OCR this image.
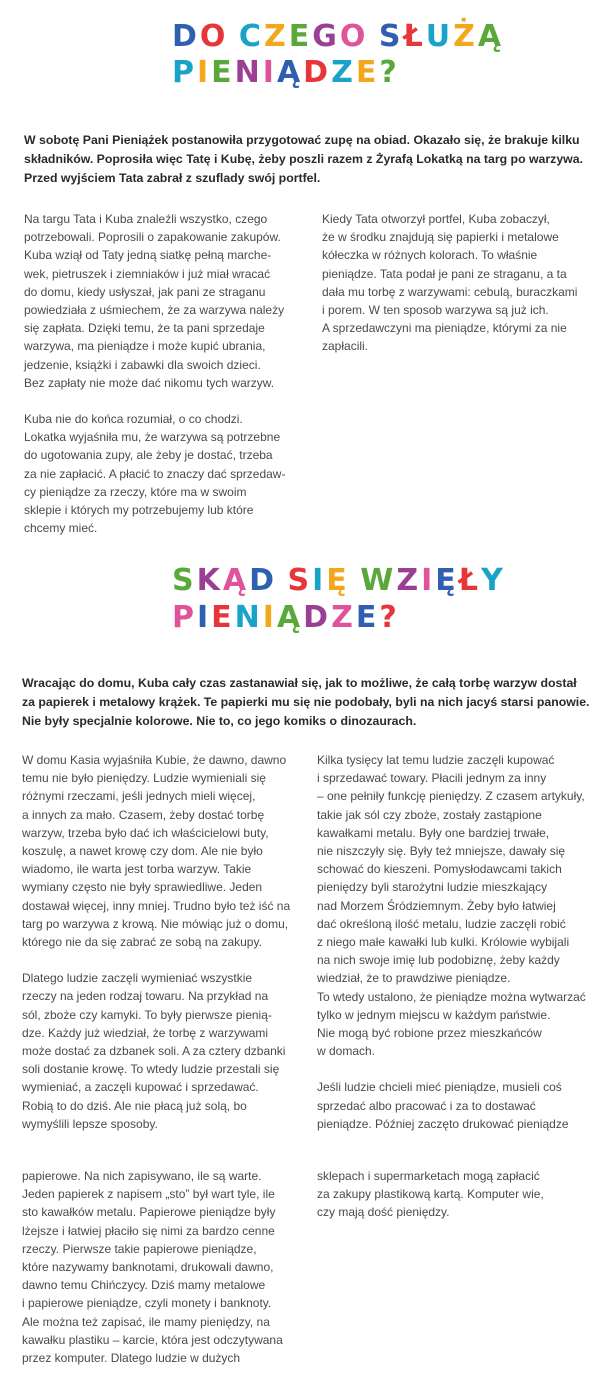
DO CZEGO SŁUŻĄ
PIENIĄDZE?

W sobotę Pani Pieniążek postanowiła przygotować zupę na obiad. Okazało się, że brakuje kilku składników. Poprosiła więc Tatę i Kubę, żeby poszli razem z Żyrafą Lokatką na targ po warzywa. Przed wyjściem Tata zabrał z szuflady swój portfel.

Na targu Tata i Kuba znaleźli wszystko, czego
potrzebowali. Poprosili o zapakowanie zakupów.
Kuba wziął od Taty jedną siatkę pełną marche-
wek, pietruszek i ziemniaków i już miał wracać
do domu, kiedy usłyszał, jak pani ze straganu
powiedziała z uśmiechem, że za warzywa należy
się zapłata. Dzięki temu, że ta pani sprzedaje
warzywa, ma pieniądze i może kupić ubrania,
jedzenie, książki i zabawki dla swoich dzieci.
Bez zapłaty nie może dać nikomu tych warzyw.

Kuba nie do końca rozumiał, o co chodzi.
Lokatka wyjaśniła mu, że warzywa są potrzebne
do ugotowania zupy, ale żeby je dostać, trzeba
za nie zapłacić. A płacić to znaczy dać sprzedaw-
cy pieniądze za rzeczy, które ma w swoim
sklepie i których my potrzebujemy lub które
chcemy mieć.

Kiedy Tata otworzył portfel, Kuba zobaczył,
że w środku znajdują się papierki i metalowe
kółeczka w różnych kolorach. To właśnie
pieniądze. Tata podał je pani ze straganu, a ta
dała mu torbę z warzywami: cebulą, buraczkami
i porem. W ten sposob warzywa są już ich.
A sprzedawczyni ma pieniądze, którymi za nie
zapłacili.

SKĄD SIĘ WZIĘŁY
PIENIĄDZE?

Wracając do domu, Kuba cały czas zastanawiał się, jak to możliwe, że całą torbę warzyw dostał za papierek i metalowy krążek. Te papierki mu się nie podobały, byli na nich jacyś starsi panowie. Nie były specjalnie kolorowe. Nie to, co jego komiks o dinozaurach.

W domu Kasia wyjaśniła Kubie, że dawno, dawno
temu nie było pieniędzy. Ludzie wymieniali się
różnymi rzeczami, jeśli jednych mieli więcej,
a innych za mało. Czasem, żeby dostać torbę
warzyw, trzeba było dać ich właścicielowi buty,
koszulę, a nawet krowę czy dom. Ale nie było
wiadomo, ile warta jest torba warzyw. Takie
wymiany często nie były sprawiedliwe. Jeden
dostawał więcej, inny mniej. Trudno było też iść na
targ po warzywa z krową. Nie mówiąc już o domu,
którego nie da się zabrać ze sobą na zakupy.

Dlatego ludzie zaczęli wymieniać wszystkie
rzeczy na jeden rodzaj towaru. Na przykład na
sól, zboże czy kamyki. To były pierwsze pienią-
dze. Każdy już wiedział, że torbę z warzywami
może dostać za dzbanek soli. A za cztery dzbanki
soli dostanie krowę. To wtedy ludzie przestali się
wymieniać, a zaczęli kupować i sprzedawać.
Robią to do dziś. Ale nie płacą już solą, bo
wymyślili lepsze sposoby.

Kilka tysięcy lat temu ludzie zaczęli kupować
i sprzedawać towary. Płacili jednym za inny
– one pełniły funkcję pieniędzy. Z czasem artykuły,
takie jak sól czy zboże, zostały zastąpione
kawałkami metalu. Były one bardziej trwałe,
nie niszczyły się. Były też mniejsze, dawały się
schować do kieszeni. Pomysłodawcami takich
pieniędzy byli starożytni ludzie mieszkający
nad Morzem Śródziemnym. Żeby było łatwiej
dać określoną ilość metalu, ludzie zaczęli robić
z niego małe kawałki lub kulki. Królowie wybijali
na nich swoje imię lub podobiznę, żeby każdy
wiedział, że to prawdziwe pieniądze.
To wtedy ustalono, że pieniądze można wytwarzać
tylko w jednym miejscu w każdym państwie.
Nie mogą być robione przez mieszkańców
w domach.

Jeśli ludzie chcieli mieć pieniądze, musieli coś
sprzedać albo pracować i za to dostawać
pieniądze. Później zaczęto drukować pieniądze

papierowe. Na nich zapisywano, ile są warte.
Jeden papierek z napisem „sto” był wart tyle, ile
sto kawałków metalu. Papierowe pieniądze były
lżejsze i łatwiej płaciło się nimi za bardzo cenne
rzeczy. Pierwsze takie papierowe pieniądze,
które nazywamy banknotami, drukowali dawno,
dawno temu Chińczycy. Dziś mamy metalowe
i papierowe pieniądze, czyli monety i banknoty.
Ale można też zapisać, ile mamy pieniędzy, na
kawałku plastiku – karcie, która jest odczytywana
przez komputer. Dlatego ludzie w dużych

sklepach i supermarketach mogą zapłacić
za zakupy plastikową kartą. Komputer wie,
czy mają dość pieniędzy.
